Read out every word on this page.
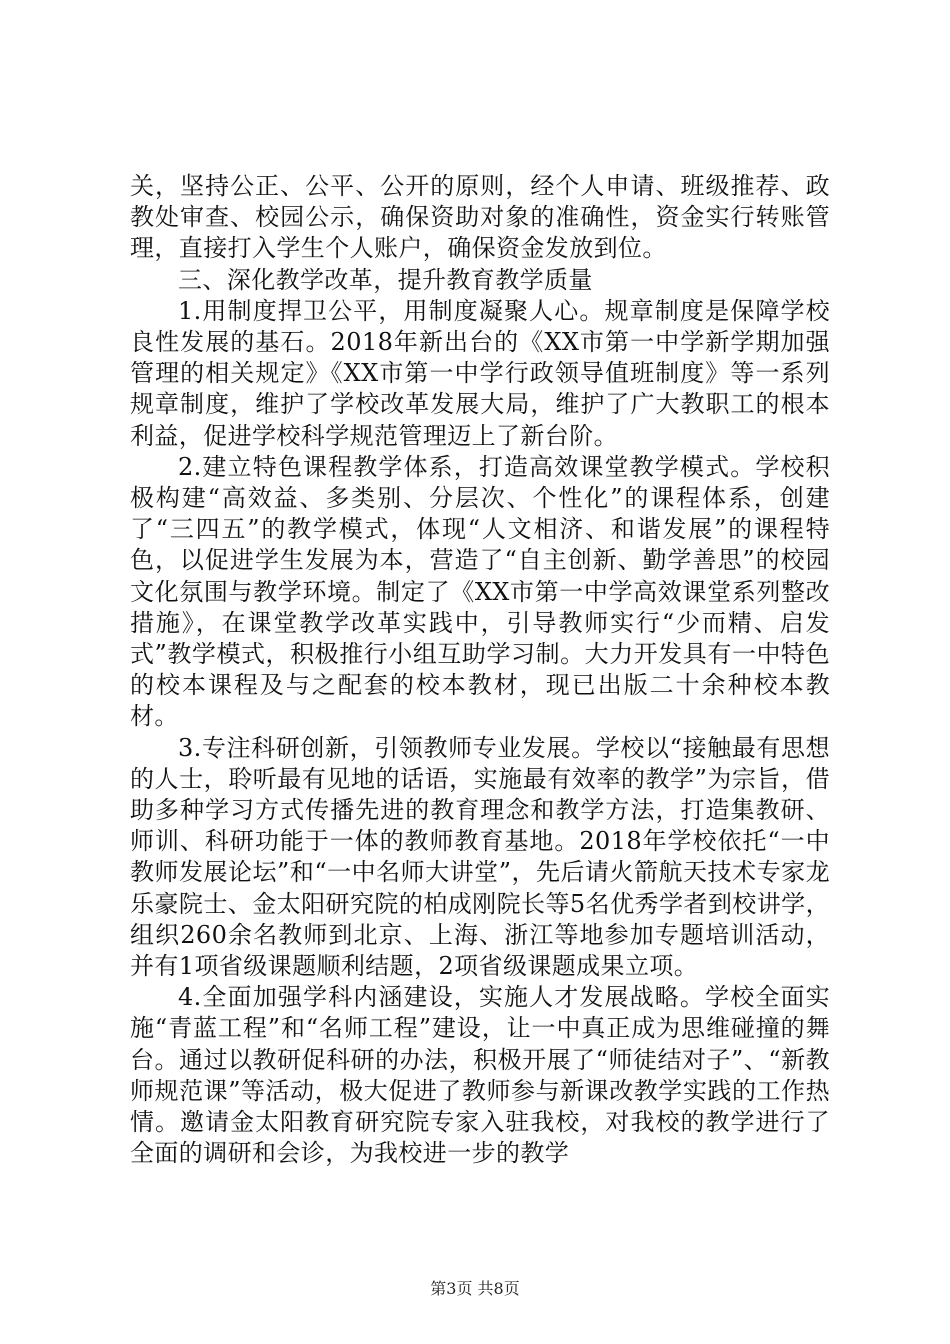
关，坚持公正、公平、公开的原则，经个人申请、班级推荐、政教处审查、校园公示，确保资助对象的准确性，资金实行转账管理，直接打入学生个人账户，确保资金发放到位。

三、深化教学改革，提升教育教学质量

1.用制度捍卫公平，用制度凝聚人心。规章制度是保障学校良性发展的基石。2018年新出台的《XX市第一中学新学期加强管理的相关规定》《XX市第一中学行政领导值班制度》等一系列规章制度，维护了学校改革发展大局，维护了广大教职工的根本利益，促进学校科学规范管理迈上了新台阶。

2.建立特色课程教学体系，打造高效课堂教学模式。学校积极构建“高效益、多类别、分层次、个性化”的课程体系，创建了“三四五”的教学模式，体现“人文相济、和谐发展”的课程特色，以促进学生发展为本，营造了“自主创新、勤学善思”的校园文化氛围与教学环境。制定了《XX市第一中学高效课堂系列整改措施》，在课堂教学改革实践中，引导教师实行“少而精、启发式”教学模式，积极推行小组互助学习制。大力开发具有一中特色的校本课程及与之配套的校本教材，现已出版二十余种校本教材。

3.专注科研创新，引领教师专业发展。学校以“接触最有思想的人士，聆听最有见地的话语，实施最有效率的教学”为宗旨，借助多种学习方式传播先进的教育理念和教学方法，打造集教研、师训、科研功能于一体的教师教育基地。2018年学校依托“一中教师发展论坛”和“一中名师大讲堂”，先后请火箭航天技术专家龙乐豪院士、金太阳研究院的柏成刚院长等5名优秀学者到校讲学，组织260余名教师到北京、上海、浙江等地参加专题培训活动，并有1项省级课题顺利结题，2项省级课题成果立项。

4.全面加强学科内涵建设，实施人才发展战略。学校全面实施“青蓝工程”和“名师工程”建设，让一中真正成为思维碰撞的舞台。通过以教研促科研的办法，积极开展了“师徒结对子”、“新教师规范课”等活动，极大促进了教师参与新课改教学实践的工作热情。邀请金太阳教育研究院专家入驻我校，对我校的教学进行了全面的调研和会诊，为我校进一步的教学

第3页 共8页
